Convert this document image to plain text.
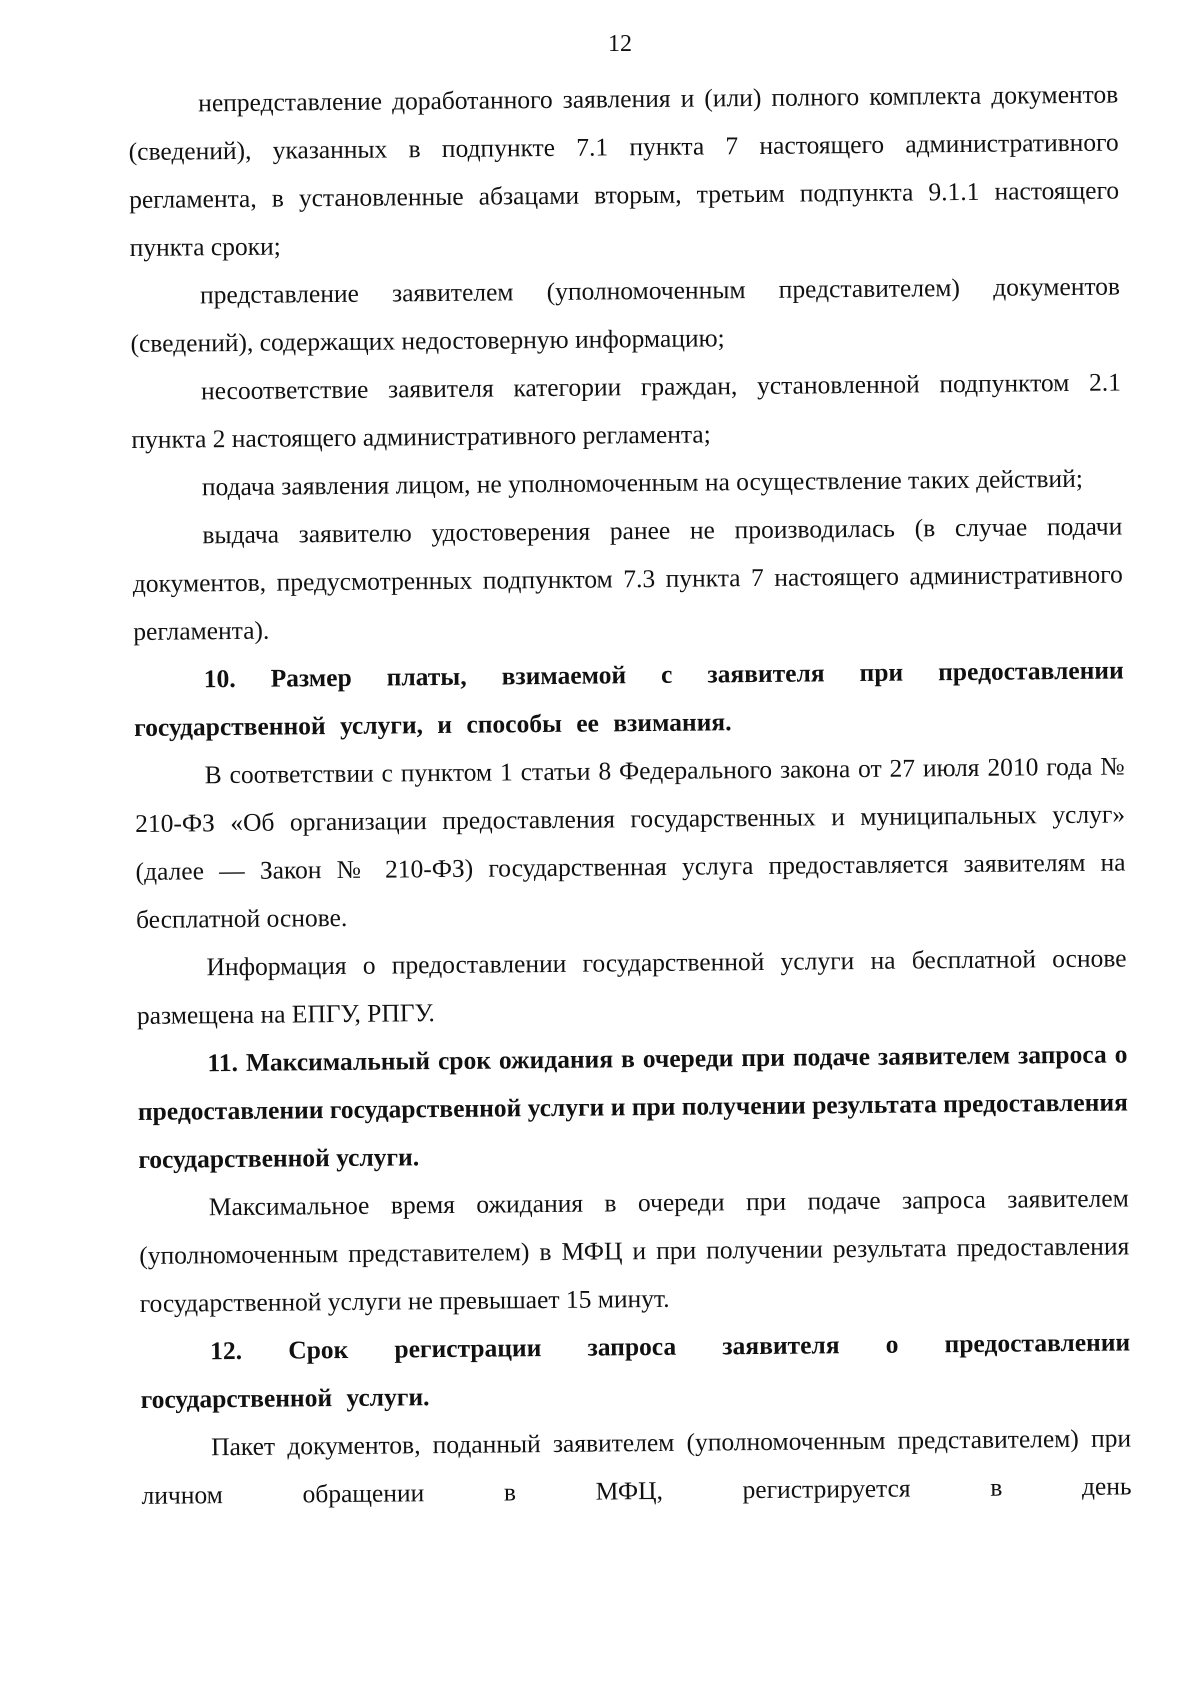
12

непредставление доработанного заявления и (или) полного комплекта документов (сведений), указанных в подпункте 7.1 пункта 7 настоящего административного регламента, в установленные абзацами вторым, третьим подпункта 9.1.1 настоящего пункта сроки;

представление заявителем (уполномоченным представителем) документов (сведений), содержащих недостоверную информацию;

несоответствие заявителя категории граждан, установленной подпунктом 2.1 пункта 2 настоящего административного регламента;

подача заявления лицом, не уполномоченным на осуществление таких действий;

выдача заявителю удостоверения ранее не производилась (в случае подачи документов, предусмотренных подпунктом 7.3 пункта 7 настоящего административного регламента).

10. Размер платы, взимаемой с заявителя при предоставлении государственной услуги, и способы ее взимания.

В соответствии с пунктом 1 статьи 8 Федерального закона от 27 июля 2010 года № 210-ФЗ «Об организации предоставления государственных и муниципальных услуг» (далее — Закон № 210-ФЗ) государственная услуга предоставляется заявителям на бесплатной основе.

Информация о предоставлении государственной услуги на бесплатной основе размещена на ЕПГУ, РПГУ.

11. Максимальный срок ожидания в очереди при подаче заявителем запроса о предоставлении государственной услуги и при получении результата предоставления государственной услуги.

Максимальное время ожидания в очереди при подаче запроса заявителем (уполномоченным представителем) в МФЦ и при получении результата предоставления государственной услуги не превышает 15 минут.

12. Срок регистрации запроса заявителя о предоставлении государственной услуги.

Пакет документов, поданный заявителем (уполномоченным представителем) при личном обращении в МФЦ, регистрируется в день
